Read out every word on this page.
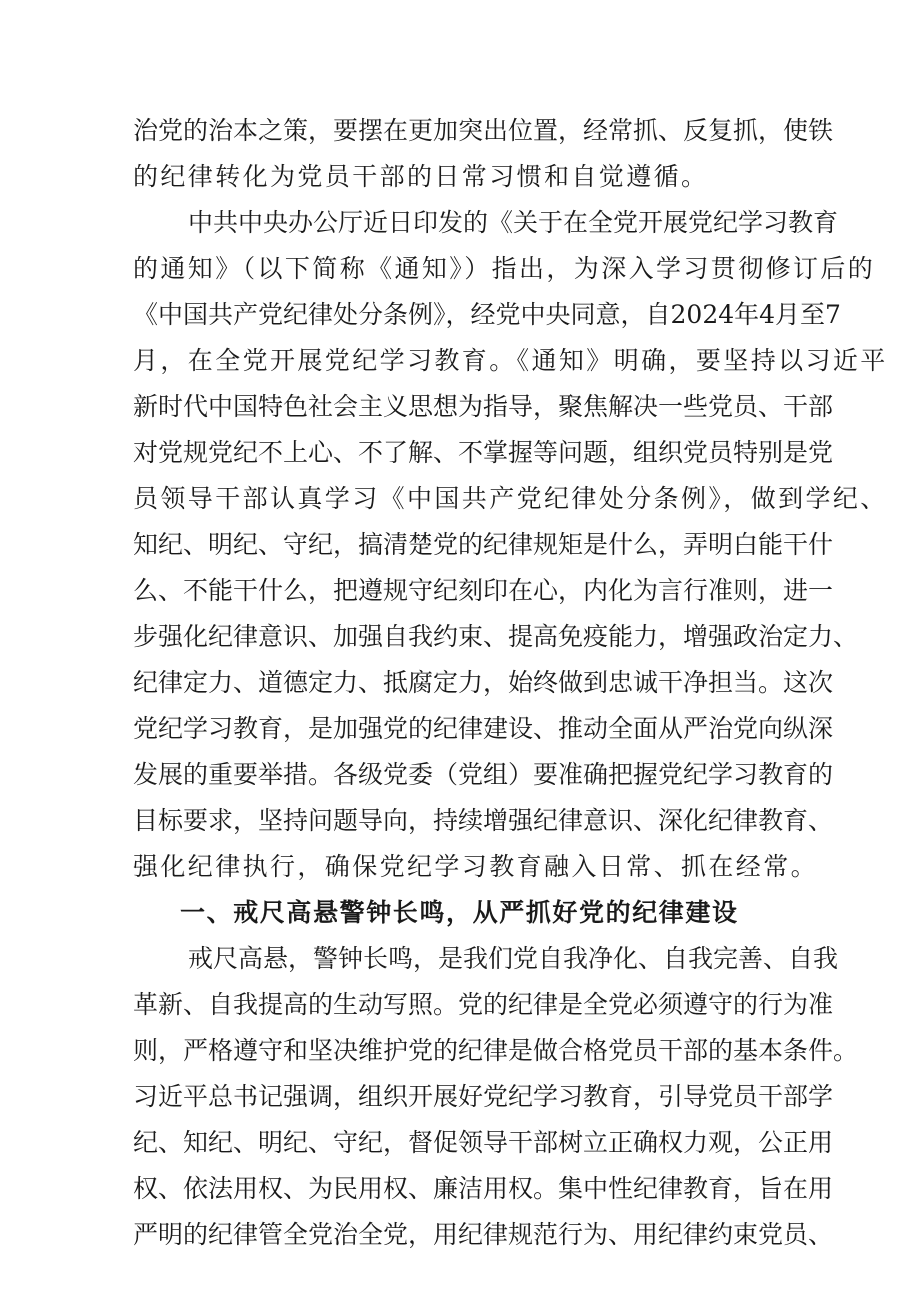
治党的治本之策，要摆在更加突出位置，经常抓、反复抓，使铁
的纪律转化为党员干部的日常习惯和自觉遵循。
中共中央办公厅近日印发的《关于在全党开展党纪学习教育
的通知》（以下简称《通知》）指出，为深入学习贯彻修订后的
《中国共产党纪律处分条例》，经党中央同意，自2024年4月至7
月，在全党开展党纪学习教育。《通知》明确，要坚持以习近平
新时代中国特色社会主义思想为指导，聚焦解决一些党员、干部
对党规党纪不上心、不了解、不掌握等问题，组织党员特别是党
员领导干部认真学习《中国共产党纪律处分条例》，做到学纪、
知纪、明纪、守纪，搞清楚党的纪律规矩是什么，弄明白能干什
么、不能干什么，把遵规守纪刻印在心，内化为言行准则，进一
步强化纪律意识、加强自我约束、提高免疫能力，增强政治定力、
纪律定力、道德定力、抵腐定力，始终做到忠诚干净担当。这次
党纪学习教育，是加强党的纪律建设、推动全面从严治党向纵深
发展的重要举措。各级党委（党组）要准确把握党纪学习教育的
目标要求，坚持问题导向，持续增强纪律意识、深化纪律教育、
强化纪律执行，确保党纪学习教育融入日常、抓在经常。
一、戒尺高悬警钟长鸣，从严抓好党的纪律建设
戒尺高悬，警钟长鸣，是我们党自我净化、自我完善、自我
革新、自我提高的生动写照。党的纪律是全党必须遵守的行为准
则，严格遵守和坚决维护党的纪律是做合格党员干部的基本条件。
习近平总书记强调，组织开展好党纪学习教育，引导党员干部学
纪、知纪、明纪、守纪，督促领导干部树立正确权力观，公正用
权、依法用权、为民用权、廉洁用权。集中性纪律教育，旨在用
严明的纪律管全党治全党，用纪律规范行为、用纪律约束党员、
